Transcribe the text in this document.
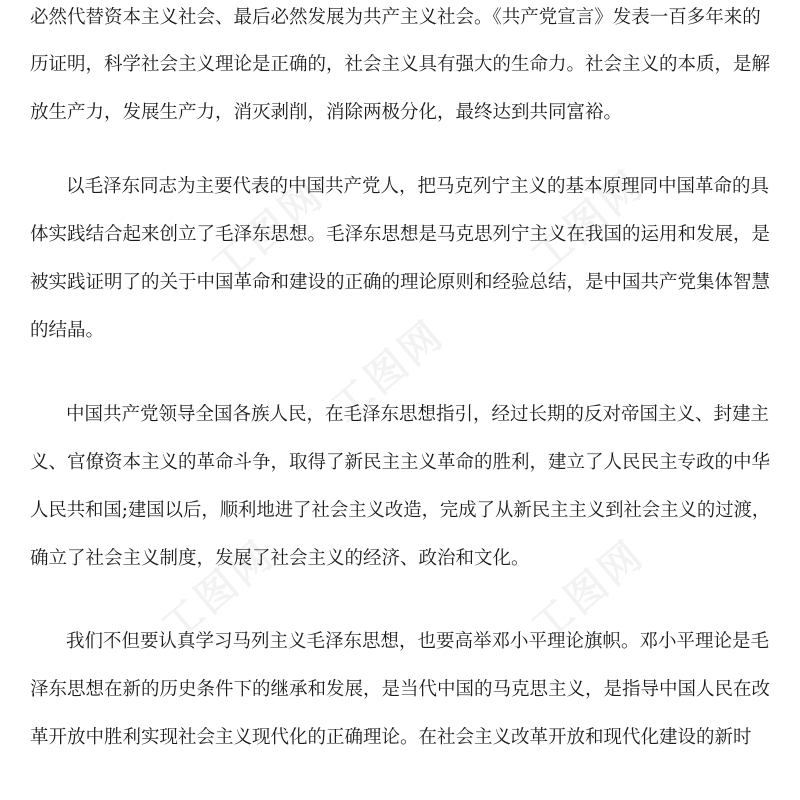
工图网
工图网
工图网
工图网	工图网
必然代替资本主义社会、最后必然发展为共产主义社会。《共产党宣言》发表一百多年来的
历证明，科学社会主义理论是正确的，社会主义具有强大的生命力。社会主义的本质，是解
放生产力，发展生产力，消灭剥削，消除两极分化，最终达到共同富裕。
以毛泽东同志为主要代表的中国共产党人，把马克列宁主义的基本原理同中国革命的具
体实践结合起来创立了毛泽东思想。毛泽东思想是马克思列宁主义在我国的运用和发展，是
被实践证明了的关于中国革命和建设的正确的理论原则和经验总结，是中国共产党集体智慧
的结晶。
中国共产党领导全国各族人民，在毛泽东思想指引，经过长期的反对帝国主义、封建主
义、官僚资本主义的革命斗争，取得了新民主主义革命的胜利，建立了人民民主专政的中华
人民共和国;建国以后，顺利地进了社会主义改造，完成了从新民主主义到社会主义的过渡，
确立了社会主义制度，发展了社会主义的经济、政治和文化。
我们不但要认真学习马列主义毛泽东思想，也要高举邓小平理论旗帜。邓小平理论是毛
泽东思想在新的历史条件下的继承和发展，是当代中国的马克思主义，是指导中国人民在改
革开放中胜利实现社会主义现代化的正确理论。在社会主义改革开放和现代化建设的新时
